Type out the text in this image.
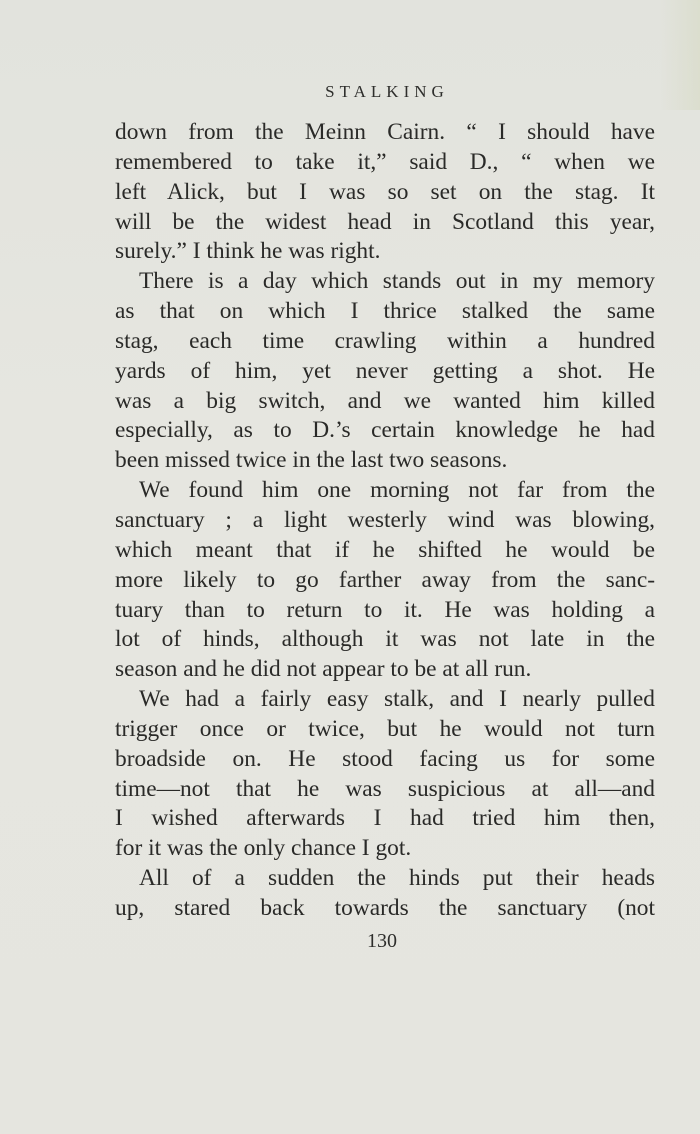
STALKING

down from the Meinn Cairn. “ I should have

remembered to take it,” said D., “ when we

left Alick, but I was so set on the stag. It

will be the widest head in Scotland this year,

surely.” I think he was right.

There is a day which stands out in my memory

as that on which I thrice stalked the same

stag, each time crawling within a hundred

yards of him, yet never getting a shot. He

was a big switch, and we wanted him killed

especially, as to D.’s certain knowledge he had

been missed twice in the last two seasons.

We found him one morning not far from the

sanctuary ; a light westerly wind was blowing,

which meant that if he shifted he would be

more likely to go farther away from the sanc-

tuary than to return to it. He was holding a

lot of hinds, although it was not late in the

season and he did not appear to be at all run.

We had a fairly easy stalk, and I nearly pulled

trigger once or twice, but he would not turn

broadside on. He stood facing us for some

time—not that he was suspicious at all—and

I wished afterwards I had tried him then,

for it was the only chance I got.

All of a sudden the hinds put their heads

up, stared back towards the sanctuary (not

130
